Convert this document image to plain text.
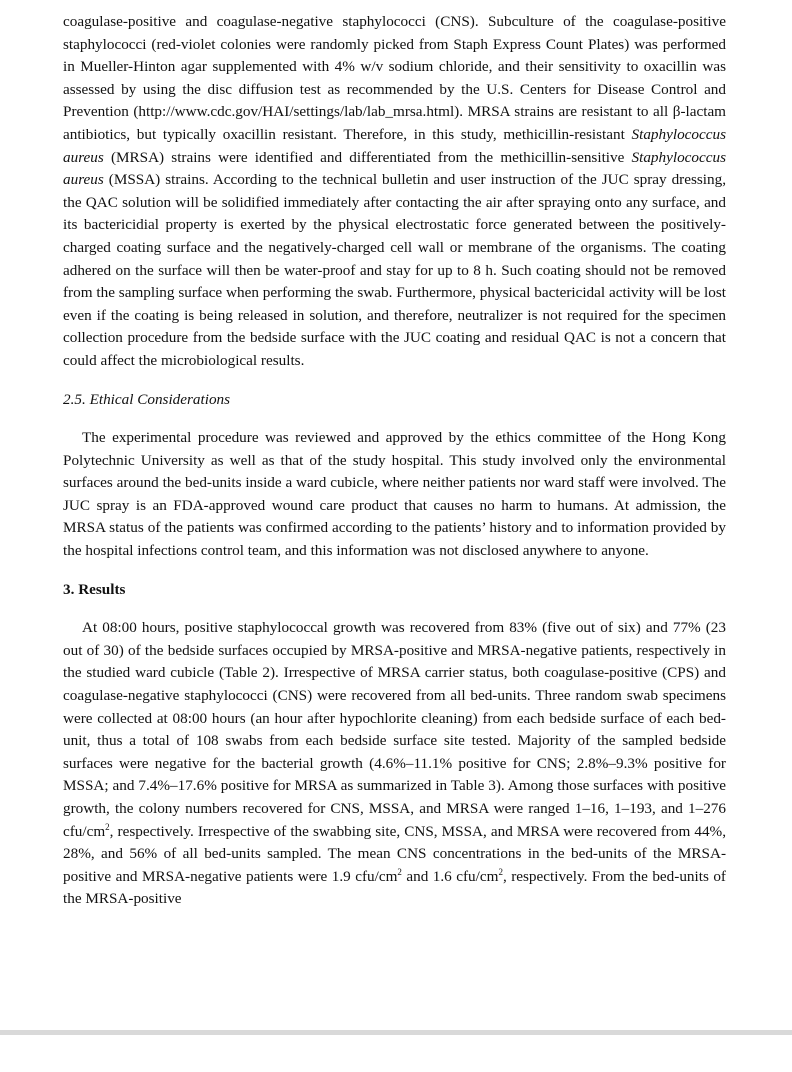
coagulase-positive and coagulase-negative staphylococci (CNS). Subculture of the coagulase-positive staphylococci (red-violet colonies were randomly picked from Staph Express Count Plates) was performed in Mueller-Hinton agar supplemented with 4% w/v sodium chloride, and their sensitivity to oxacillin was assessed by using the disc diffusion test as recommended by the U.S. Centers for Disease Control and Prevention (http://www.cdc.gov/HAI/settings/lab/lab_mrsa.html). MRSA strains are resistant to all β-lactam antibiotics, but typically oxacillin resistant. Therefore, in this study, methicillin-resistant Staphylococcus aureus (MRSA) strains were identified and differentiated from the methicillin-sensitive Staphylococcus aureus (MSSA) strains. According to the technical bulletin and user instruction of the JUC spray dressing, the QAC solution will be solidified immediately after contacting the air after spraying onto any surface, and its bactericidial property is exerted by the physical electrostatic force generated between the positively-charged coating surface and the negatively-charged cell wall or membrane of the organisms. The coating adhered on the surface will then be water-proof and stay for up to 8 h. Such coating should not be removed from the sampling surface when performing the swab. Furthermore, physical bactericidal activity will be lost even if the coating is being released in solution, and therefore, neutralizer is not required for the specimen collection procedure from the bedside surface with the JUC coating and residual QAC is not a concern that could affect the microbiological results.

2.5. Ethical Considerations

The experimental procedure was reviewed and approved by the ethics committee of the Hong Kong Polytechnic University as well as that of the study hospital. This study involved only the environmental surfaces around the bed-units inside a ward cubicle, where neither patients nor ward staff were involved. The JUC spray is an FDA-approved wound care product that causes no harm to humans. At admission, the MRSA status of the patients was confirmed according to the patients’ history and to information provided by the hospital infections control team, and this information was not disclosed anywhere to anyone.

3. Results

At 08:00 hours, positive staphylococcal growth was recovered from 83% (five out of six) and 77% (23 out of 30) of the bedside surfaces occupied by MRSA-positive and MRSA-negative patients, respectively in the studied ward cubicle (Table 2). Irrespective of MRSA carrier status, both coagulase-positive (CPS) and coagulase-negative staphylococci (CNS) were recovered from all bed-units. Three random swab specimens were collected at 08:00 hours (an hour after hypochlorite cleaning) from each bedside surface of each bed-unit, thus a total of 108 swabs from each bedside surface site tested. Majority of the sampled bedside surfaces were negative for the bacterial growth (4.6%–11.1% positive for CNS; 2.8%–9.3% positive for MSSA; and 7.4%–17.6% positive for MRSA as summarized in Table 3). Among those surfaces with positive growth, the colony numbers recovered for CNS, MSSA, and MRSA were ranged 1–16, 1–193, and 1–276 cfu/$cm^2$, respectively. Irrespective of the swabbing site, CNS, MSSA, and MRSA were recovered from 44%, 28%, and 56% of all bed-units sampled. The mean CNS concentrations in the bed-units of the MRSA-positive and MRSA-negative patients were 1.9 cfu/$cm^2$ and 1.6 cfu/$cm^2$, respectively. From the bed-units of the MRSA-positive
